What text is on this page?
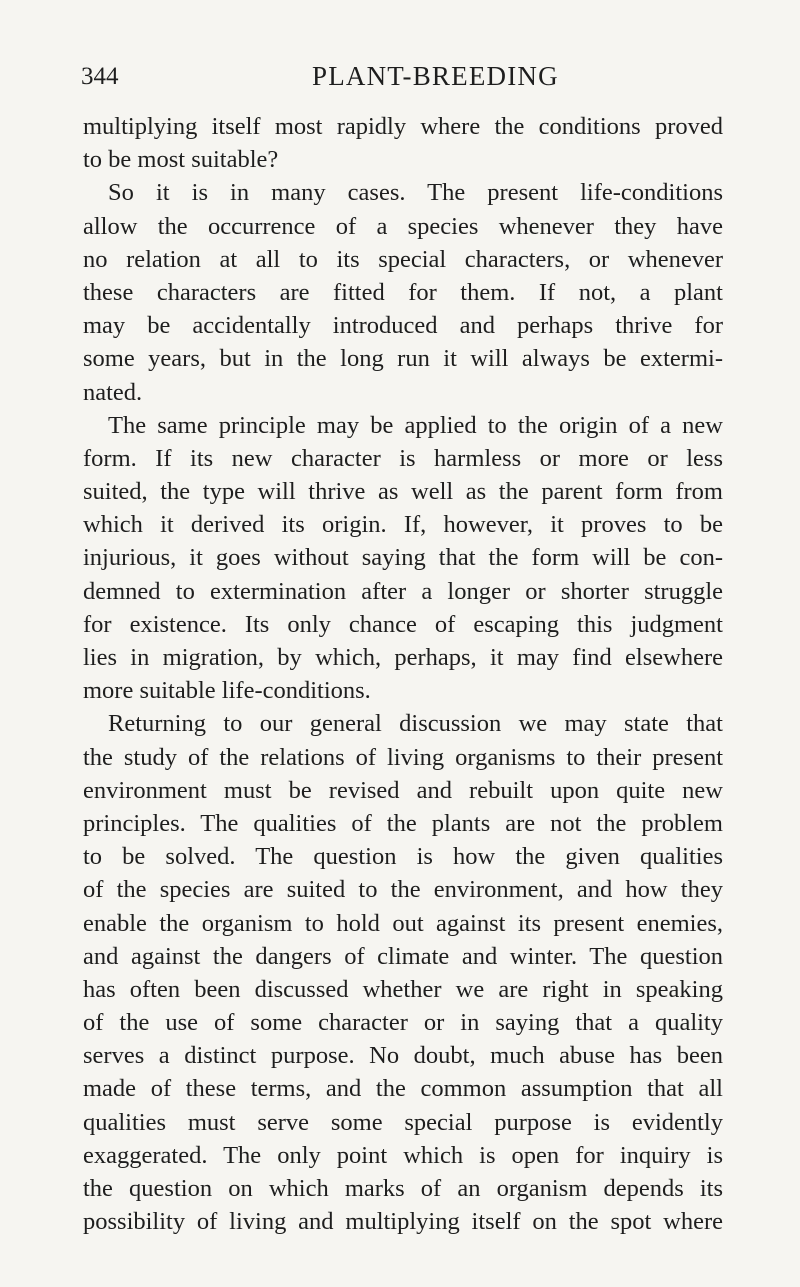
344	PLANT-BREEDING
multiplying itself most rapidly where the conditions proved
to be most suitable?
So it is in many cases. The present life-conditions
allow the occurrence of a species whenever they have
no relation at all to its special characters, or whenever
these characters are fitted for them. If not, a plant
may be accidentally introduced and perhaps thrive for
some years, but in the long run it will always be extermi-
nated.
The same principle may be applied to the origin of a new
form. If its new character is harmless or more or less
suited, the type will thrive as well as the parent form from
which it derived its origin. If, however, it proves to be
injurious, it goes without saying that the form will be con-
demned to extermination after a longer or shorter struggle
for existence. Its only chance of escaping this judgment
lies in migration, by which, perhaps, it may find elsewhere
more suitable life-conditions.
Returning to our general discussion we may state that
the study of the relations of living organisms to their present
environment must be revised and rebuilt upon quite new
principles. The qualities of the plants are not the problem
to be solved. The question is how the given qualities
of the species are suited to the environment, and how they
enable the organism to hold out against its present enemies,
and against the dangers of climate and winter. The question
has often been discussed whether we are right in speaking
of the use of some character or in saying that a quality
serves a distinct purpose. No doubt, much abuse has been
made of these terms, and the common assumption that all
qualities must serve some special purpose is evidently
exaggerated. The only point which is open for inquiry is
the question on which marks of an organism depends its
possibility of living and multiplying itself on the spot where
